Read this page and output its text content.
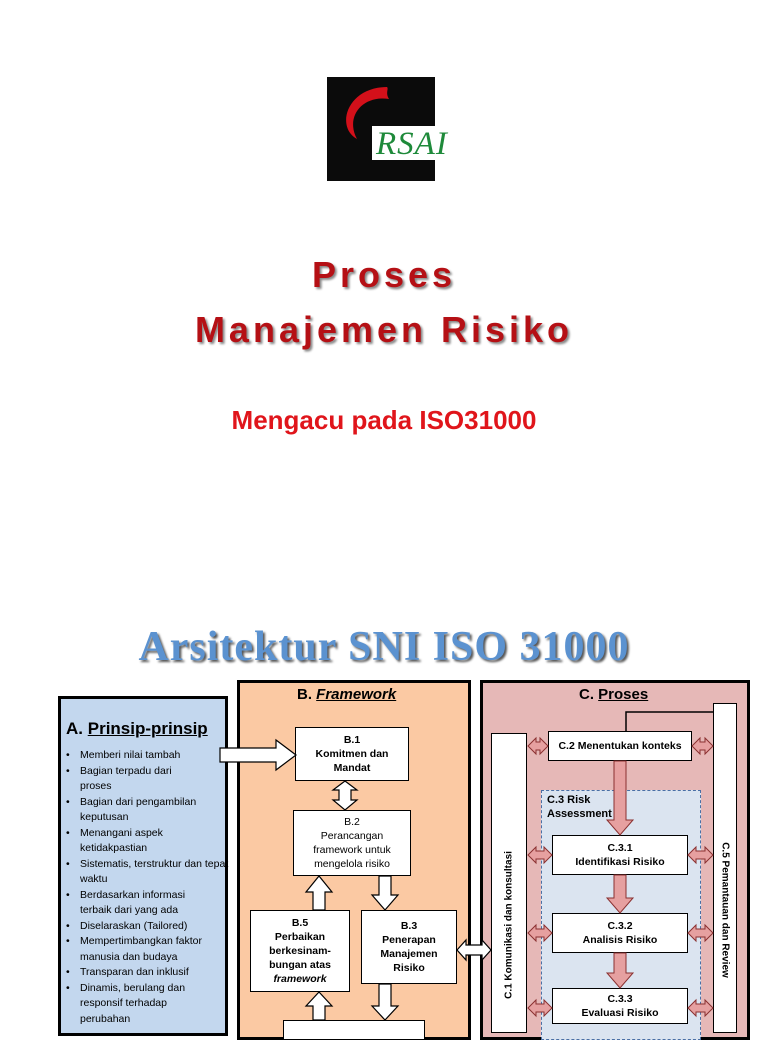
RSAI
Proses
Manajemen Risiko
Mengacu pada ISO31000
Arsitektur SNI ISO 31000
A. Prinsip-prinsip
• Memberi nilai tambah
• Bagian terpadu dari proses
• Bagian dari pengambilan keputusan
• Menangani aspek ketidakpastian
• Sistematis, terstruktur dan tepat waktu
• Berdasarkan informasi terbaik dari yang ada
• Diselaraskan (Tailored)
• Mempertimbangkan faktor manusia dan budaya
• Transparan dan inklusif
• Dinamis, berulang dan responsif terhadap perubahan
B. Framework
B.1
Komitmen dan Mandat
B.2
Perancangan
framework untuk mengelola risiko
B.5
Perbaikan berkesinam-bungan atas
framework
B.3
Penerapan Manajemen Risiko
C. Proses
C.1 Komunikasi dan konsultasi	C.5 Pemantauan dan Review
C.2 Menentukan konteks
C.3 Risk Assessment
C.3.1
Identifikasi Risiko
C.3.2
Analisis Risiko
C.3.3
Evaluasi Risiko
